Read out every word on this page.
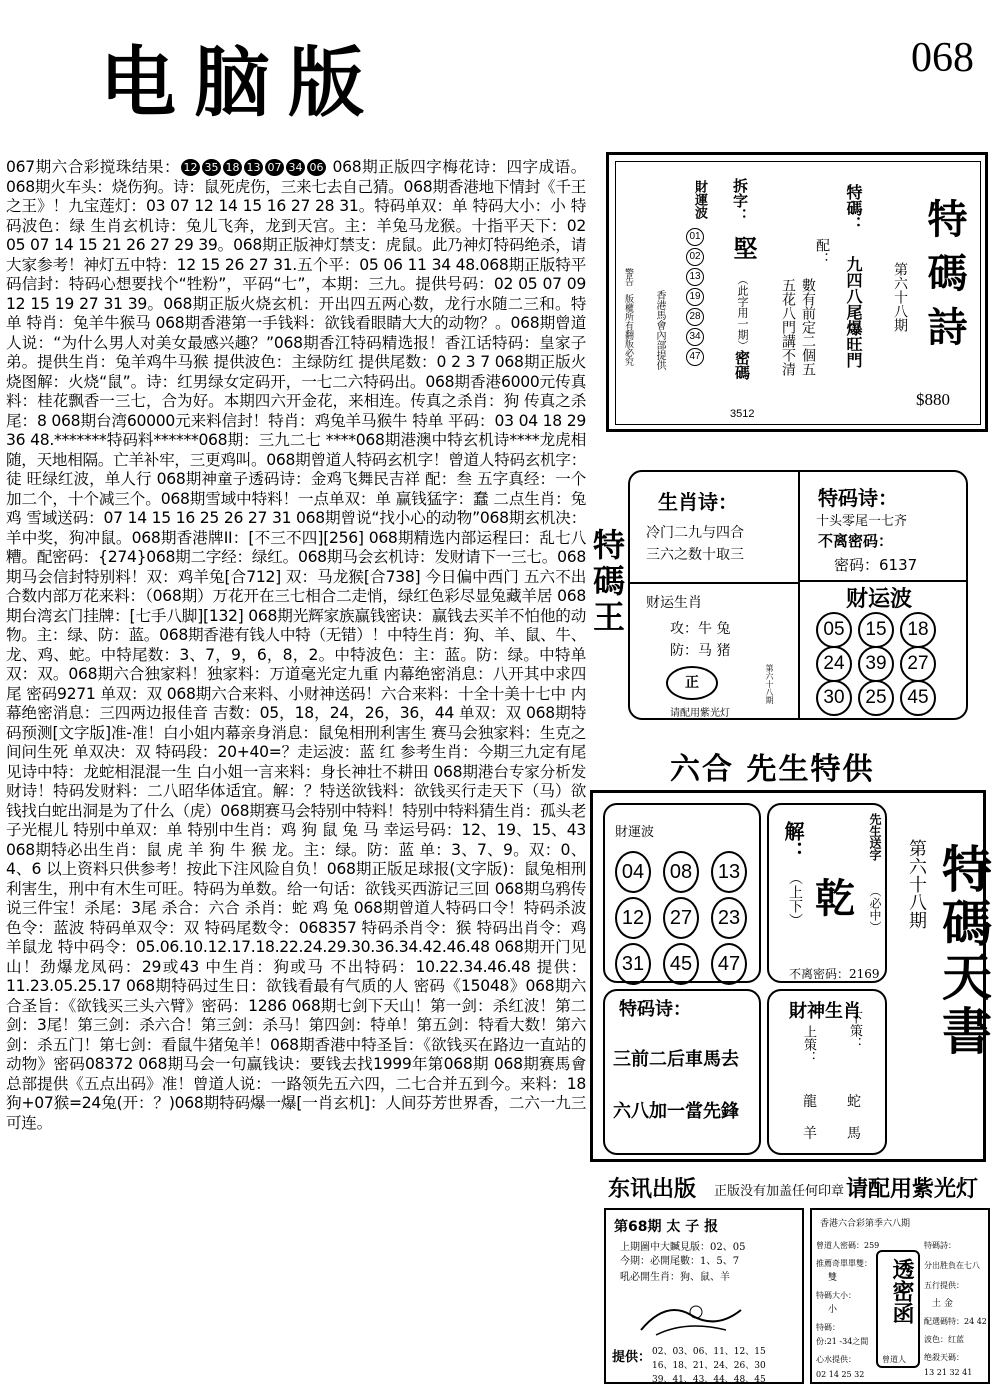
电脑版	068
067期六合彩搅珠结果： 12 35 18 13 07 34 06 068期正版四字梅花诗：四字成语。068期火车头：烧伤狗。诗：鼠死虎伤，三来七去自己猜。068期香港地下情封《千王之王》！九宝莲灯：03 07 12 14 15 16 27 28 31。特码单双：单 特码大小：小 特码波色：绿 生肖玄机诗：兔儿飞奔，龙到天宫。主：羊兔马龙猴。十指平天下：02 05 07 14 15 21 26 27 29 39。068期正版神灯禁支：虎鼠。此乃神灯特码绝杀，请大家参考！神灯五中特：12 15 26 27 31.五个平：05 06 11 34 48.068期正版特平码信封：特码心想要找个“牲粉”，平码“七”，本期：三九。提供号码：02 05 07 09 12 15 19 27 31 39。068期正版火烧玄机：开出四五两心数，龙行水随二三和。特单 特肖：兔羊牛猴马 068期香港第一手钱料：欲钱看眼睛大大的动物？。068期曾道人说：“为什么男人对美女最感兴趣？”068期香江特码精选报！香江话特码：皇家子弟。提供生肖：兔羊鸡牛马猴 提供波色：主绿防红 提供尾数：0 2 3 7 068期正版火烧图解：火烧“鼠”。诗：红男绿女定码开，一七二六特码出。068期香港6000元传真料：桂花飘香一三七，合为好。本期四六开金花，来相连。传真之杀肖：狗 传真之杀尾：8 068期台湾60000元来料信封！特肖：鸡兔羊马猴牛 特单 平码：03 04 18 29 36 48.*******特码料******068期：三九二七 ****068期港澳中特玄机诗****龙虎相随，天地相隔。亡羊补牢，三更鸡叫。068期曾道人特码玄机字！曾道人特码玄机字：徒 旺绿红波，单人行 068期神童子透码诗：金鸡飞舞民吉祥 配：叁 五字真经：一个加二个，十个减三个。068期雪域中特料！一点单双：单 赢钱猛字：蠢 二点生肖：兔鸡 雪域送码：07 14 15 16 25 26 27 31 068期曾说“找小心的动物”068期玄机决：羊中奖，狗冲鼠。068期香港牌II：[不三不四][256] 068期精选内部运程曰：乱七八糟。配密码：{274}068期二字经：绿红。068期马会玄机诗：发财请下一三七。068期马会信封特别料！双：鸡羊兔[合712] 双：马龙猴[合738] 今日偏中西门 五六不出合数内部万花来料：（068期）万花开在三七相合二走悄，绿红色彩尽显兔藏羊居 068期台湾玄门挂牌：[七手八脚][132] 068期光辉家族赢钱密诀：赢钱去买羊不怕他的动物。主：绿、防：蓝。068期香港有钱人中特（无错）！中特生肖：狗、羊、鼠、牛、龙、鸡、蛇。中特尾数：3、7，9，6，8，2。中特波色：主：蓝。防：绿。中特单双：双。068期六合独家料！独家料：万道毫光定九重 内幕绝密消息：八开其中求四尾 密码9271 单双：双 068期六合来料、小财神送码！六合来料：十全十美十七中 内幕绝密消息：三四两边报佳音 吉数：05，18，24，26，36，44 单双：双 068期特码预测[文字版]准-准！白小姐内幕亲身消息：鼠兔相刑利害生 赛马会独家料：生克之间问生死 单双决：双 特码段：20+40=？走运波：蓝 红 参考生肖：今期三九定有尾 见诗中特：龙蛇相混混一生 白小姐一言来料：身长神壮不耕田 068期港台专家分析发财诗！特码发财料：二八昭华体适宜。解：？特送欲钱料：欲钱买行走天下（马）欲钱找白蛇出洞是为了什么（虎）068期赛马会特别中特料！特别中特料猜生肖：孤头老子光棍儿 特别中单双：单 特别中生肖：鸡 狗 鼠 兔 马 幸运号码：12、19、15、43 068期特必出生肖：鼠 虎 羊 狗 牛 猴 龙。主：绿。防：蓝 单：3、7、9。双：0、4、6 以上资料只供参考！按此下注风险自负！068期正版足球报(文字版)：鼠兔相刑利害生，刑中有木生可旺。特码为单数。给一句话：欲钱买西游记三回 068期乌鸦传说三件宝！杀尾：3尾 杀合：六合 杀肖：蛇 鸡 兔 068期曾道人特码口令！特码杀波色令：蓝波 特码单双令：双 特码尾数令：068357 特码杀肖令：猴 特码出肖令：鸡羊鼠龙 特中码令：05.06.10.12.17.18.22.24.29.30.36.34.42.46.48 068期开门见山！劲爆龙凤码：29或43 中生肖：狗或马 不出特码：10.22.34.46.48 提供：11.23.05.25.17 068期特码过生日：欲钱看最有气质的人 密码《15048》068期六合圣旨：《欲钱买三头六臂》密码：1286 068期七剑下天山！第一剑：杀红波！第二剑：3尾！第三剑：杀六合！第三剑：杀马！第四剑：特单！第五剑：特看大数！第六剑：杀五门！第七剑：看鼠牛猪兔羊！068期香港中特圣旨：《欲钱买在路边一直站的动物》密码08372 068期马会一句赢钱诀：要钱去找1999年第068期 068期赛馬會总部提供《五点出码》准！曾道人说：一路领先五六四，二七合并五到今。来料：18狗+07猴=24兔(开：？)068期特码爆一爆[一肖玄机]：人间芬芳世界香，二六一九三可连。
特碼詩
第六十八期
$880
特碼：
九四八尾爆旺門
配：
數有前定二個五
五花八門講不清
拆字：
堅
（此字用一期）
密碼
3512
財運波
01
02
13
19
28
34
47
香港馬會內部提供
警告
版權所有翻版必究
特碼王
生肖诗：
冷门二九与四合
三六之数十取三
特码诗：
十头零尾一七齐
不离密码：
密码：6137
财运生肖
攻：牛 兔
防：马 猪
正	第六十八期
请配用紫光灯
财运波
05	15	18
24	39	27
30	25	45
六合 先生特供
財運波
04	08	13
12	27	23
31	45	47
解：
（上下） 乾
先生送字
（必中）
不离密码：2169
特码诗：
三前二后車馬去
六八加一當先鋒
財神生肖
上策： 下策：
龍 蛇
羊 馬
特碼天書
第六十八期
东讯出版 正版没有加盖任何印章 请配用紫光灯
第68期 太 子 报
上期圖中大贓見版：02、05
今期：必開尾數：1、5、7
吼必開生肖：狗、鼠、羊
提供： 02、03、06、11、12、15
16、18、21、24、26、30
39、41、43、44、48、45
香港六合彩第季六八期
曾道人密碼：259
推薦奇單單雙：
雙
特碼大小：
小
特碼：
份:21 -34之間
心水提供：
02 14 25 32
透密函
曾道人
特碼詩：
分出胜負在七八
五行提供：
土 金
配選碼特：24 42
波色：红蓝
绝殺天碼：
13 21 32 41
